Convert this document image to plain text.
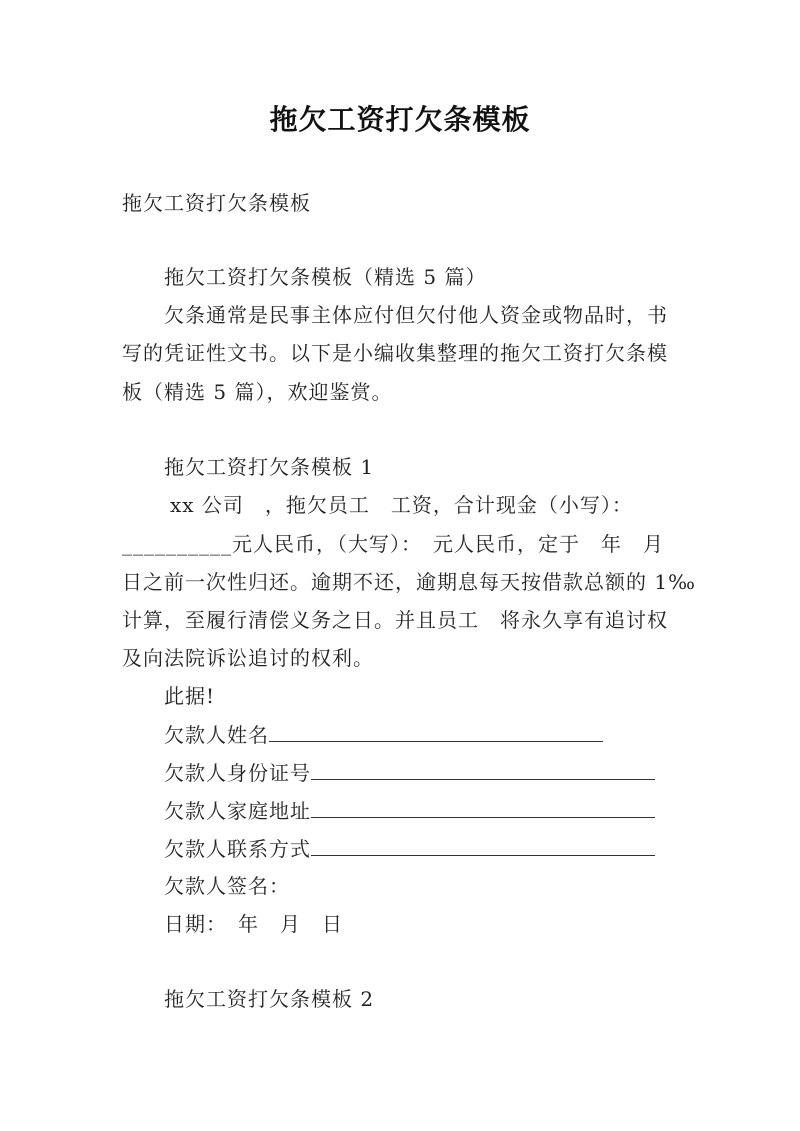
拖欠工资打欠条模板
拖欠工资打欠条模板
拖欠工资打欠条模板（精选 5 篇）
欠条通常是民事主体应付但欠付他人资金或物品时，书
写的凭证性文书。以下是小编收集整理的拖欠工资打欠条模
板（精选 5 篇），欢迎鉴赏。
拖欠工资打欠条模板 1
xx 公司　，拖欠员工　工资，合计现金（小写）：
__________元人民币，（大写）：　元人民币，定于　年　月
日之前一次性归还。逾期不还，逾期息每天按借款总额的 1‰
计算，至履行清偿义务之日。并且员工　将永久享有追讨权
及向法院诉讼追讨的权利。
此据!
欠款人姓名
欠款人身份证号
欠款人家庭地址
欠款人联系方式
欠款人签名：
日期：　年　月　日
拖欠工资打欠条模板 2
